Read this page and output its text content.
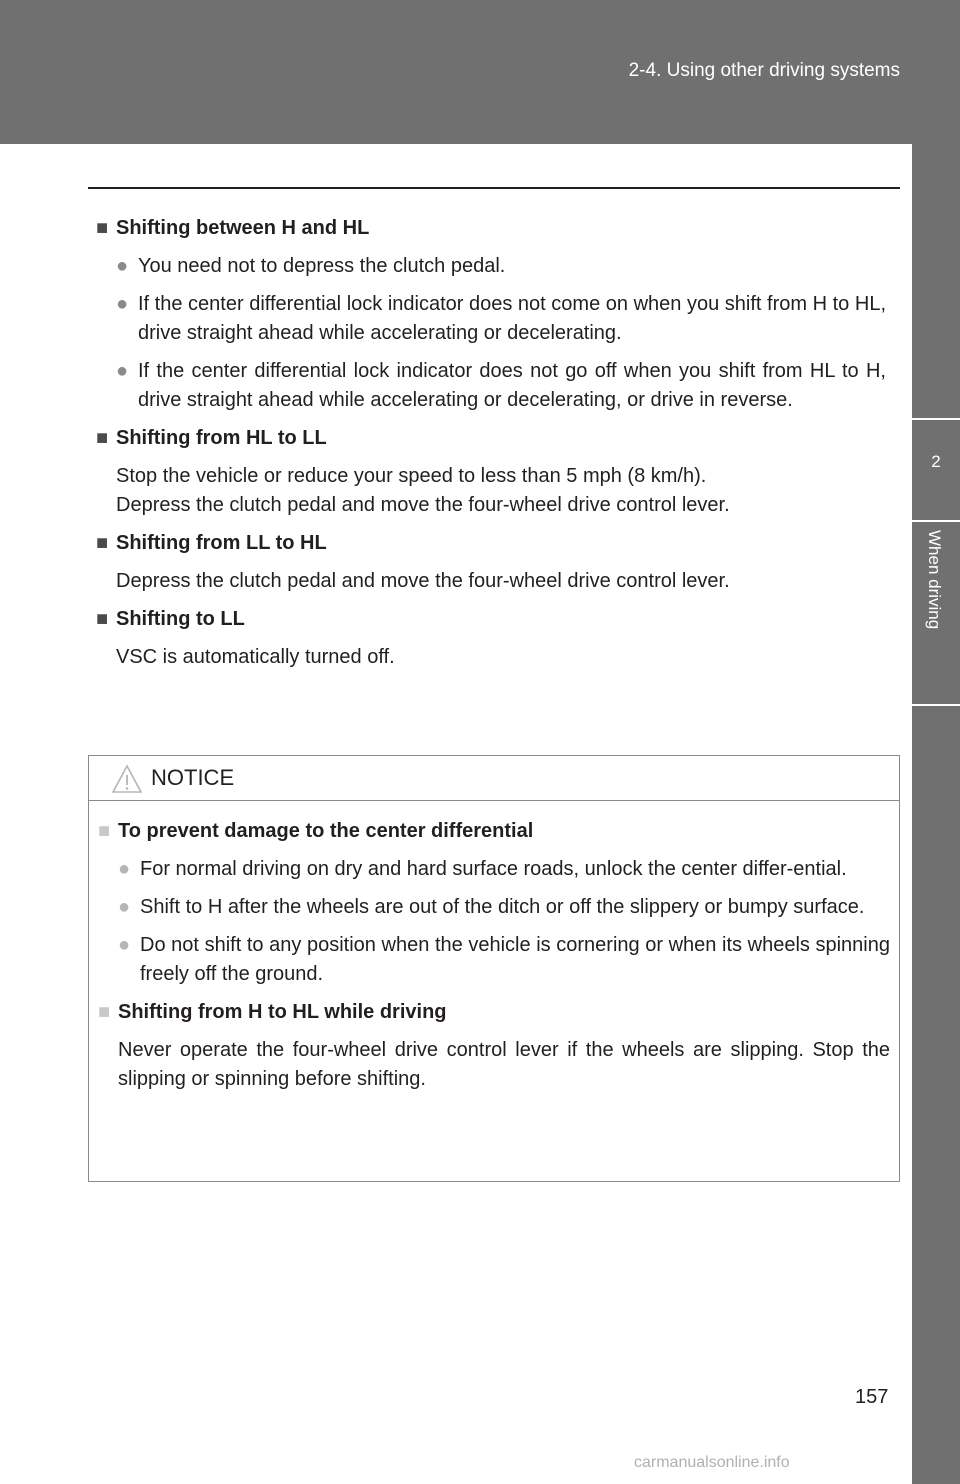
2-4. Using other driving systems
2
When driving
■ Shifting between H and HL
● You need not to depress the clutch pedal.
● If the center differential lock indicator does not come on when you shift from H to HL, drive straight ahead while accelerating or decelerating.
● If the center differential lock indicator does not go off when you shift from HL to H, drive straight ahead while accelerating or decelerating, or drive in reverse.
■ Shifting from HL to LL
Stop the vehicle or reduce your speed to less than 5 mph (8 km/h).
Depress the clutch pedal and move the four-wheel drive control lever.
■ Shifting from LL to HL
Depress the clutch pedal and move the four-wheel drive control lever.
■ Shifting to LL
VSC is automatically turned off.
NOTICE
■ To prevent damage to the center differential
● For normal driving on dry and hard surface roads, unlock the center differ-ential.
● Shift to H after the wheels are out of the ditch or off the slippery or bumpy surface.
● Do not shift to any position when the vehicle is cornering or when its wheels spinning freely off the ground.
■ Shifting from H to HL while driving
Never operate the four-wheel drive control lever if the wheels are slipping. Stop the slipping or spinning before shifting.
157
carmanualsonline.info
